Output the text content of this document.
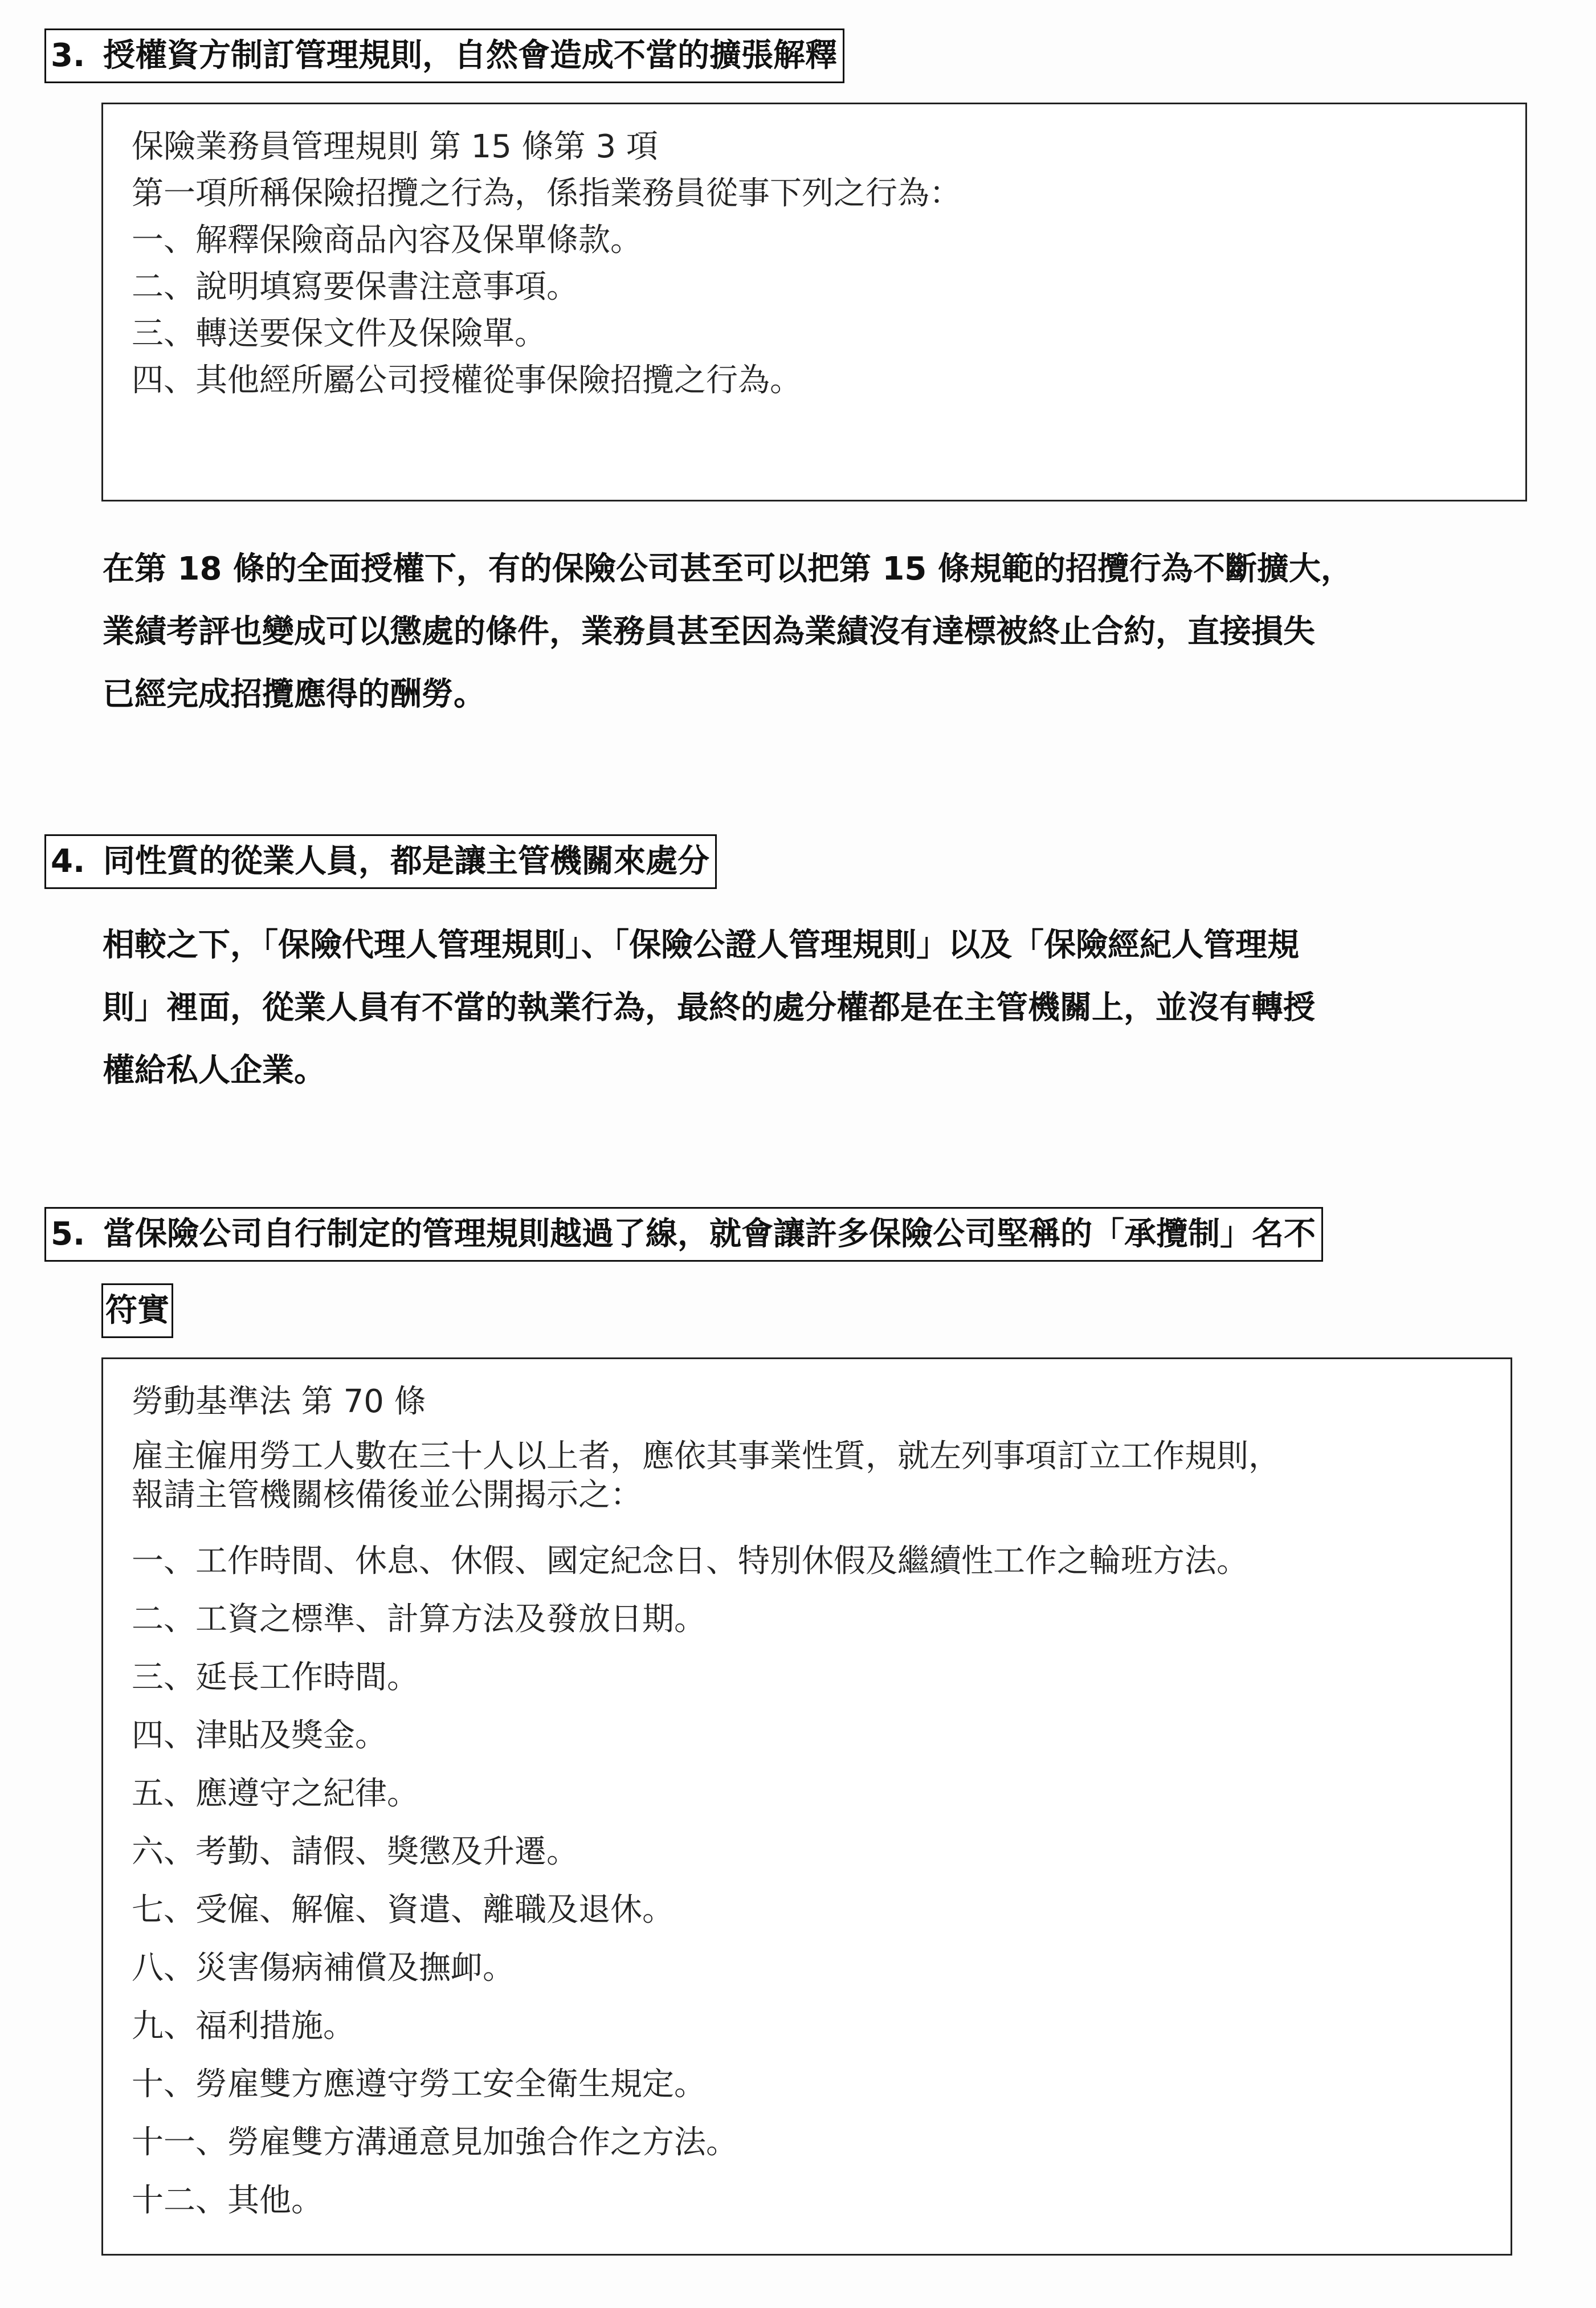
3. 授權資方制訂管理規則，自然會造成不當的擴張解釋
保險業務員管理規則 第 15 條第 3 項
第一項所稱保險招攬之行為，係指業務員從事下列之行為：
一、解釋保險商品內容及保單條款。
二、說明填寫要保書注意事項。
三、轉送要保文件及保險單。
四、其他經所屬公司授權從事保險招攬之行為。
在第 18 條的全面授權下，有的保險公司甚至可以把第 15 條規範的招攬行為不斷擴大，
業績考評也變成可以懲處的條件，業務員甚至因為業績沒有達標被終止合約，直接損失
已經完成招攬應得的酬勞。
4. 同性質的從業人員，都是讓主管機關來處分
相較之下，「保險代理人管理規則」、「保險公證人管理規則」以及「保險經紀人管理規
則」裡面，從業人員有不當的執業行為，最終的處分權都是在主管機關上，並沒有轉授
權給私人企業。
5. 當保險公司自行制定的管理規則越過了線，就會讓許多保險公司堅稱的「承攬制」名不
符實
勞動基準法 第 70 條
雇主僱用勞工人數在三十人以上者，應依其事業性質，就左列事項訂立工作規則，
報請主管機關核備後並公開揭示之：
一、工作時間、休息、休假、國定紀念日、特別休假及繼續性工作之輪班方法。
二、工資之標準、計算方法及發放日期。
三、延長工作時間。
四、津貼及獎金。
五、應遵守之紀律。
六、考勤、請假、獎懲及升遷。
七、受僱、解僱、資遣、離職及退休。
八、災害傷病補償及撫卹。
九、福利措施。
十、勞雇雙方應遵守勞工安全衛生規定。
十一、勞雇雙方溝通意見加強合作之方法。
十二、其他。
